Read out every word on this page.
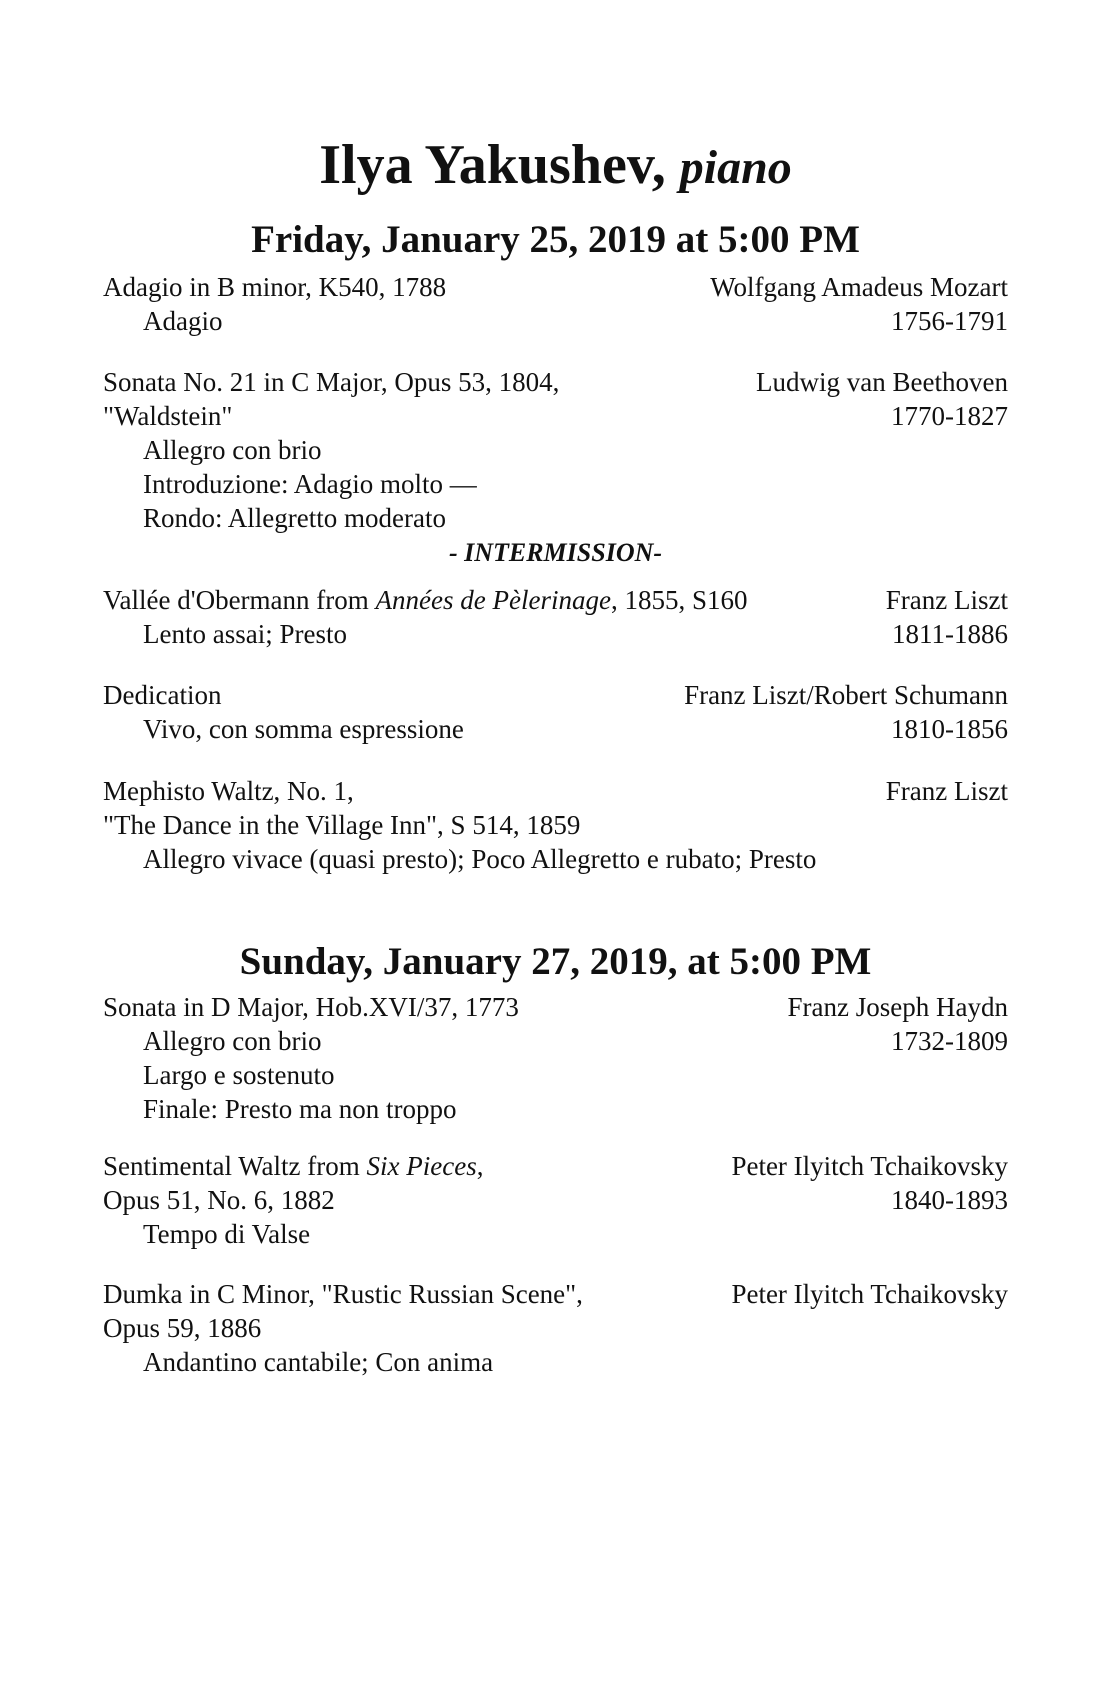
Ilya Yakushev, piano
Friday, January 25, 2019 at 5:00 PM
Adagio in B minor, K540, 1788	Wolfgang Amadeus Mozart
Adagio	1756-1791
Sonata No. 21 in C Major, Opus 53, 1804,	Ludwig van Beethoven
"Waldstein"	1770-1827
Allegro con brio
Introduzione: Adagio molto —
Rondo: Allegretto moderato
- INTERMISSION-
Vallée d'Obermann from Années de Pèlerinage, 1855, S160	Franz Liszt
Lento assai; Presto	1811-1886
Dedication	Franz Liszt/Robert Schumann
Vivo, con somma espressione	1810-1856
Mephisto Waltz, No. 1,	Franz Liszt
"The Dance in the Village Inn", S 514, 1859
Allegro vivace (quasi presto); Poco Allegretto e rubato; Presto
Sunday, January 27, 2019, at 5:00 PM
Sonata in D Major, Hob.XVI/37, 1773	Franz Joseph Haydn
Allegro con brio	1732-1809
Largo e sostenuto
Finale: Presto ma non troppo
Sentimental Waltz from Six Pieces,	Peter Ilyitch Tchaikovsky
Opus 51, No. 6, 1882	1840-1893
Tempo di Valse
Dumka in C Minor, "Rustic Russian Scene",	Peter Ilyitch Tchaikovsky
Opus 59, 1886
Andantino cantabile; Con anima
